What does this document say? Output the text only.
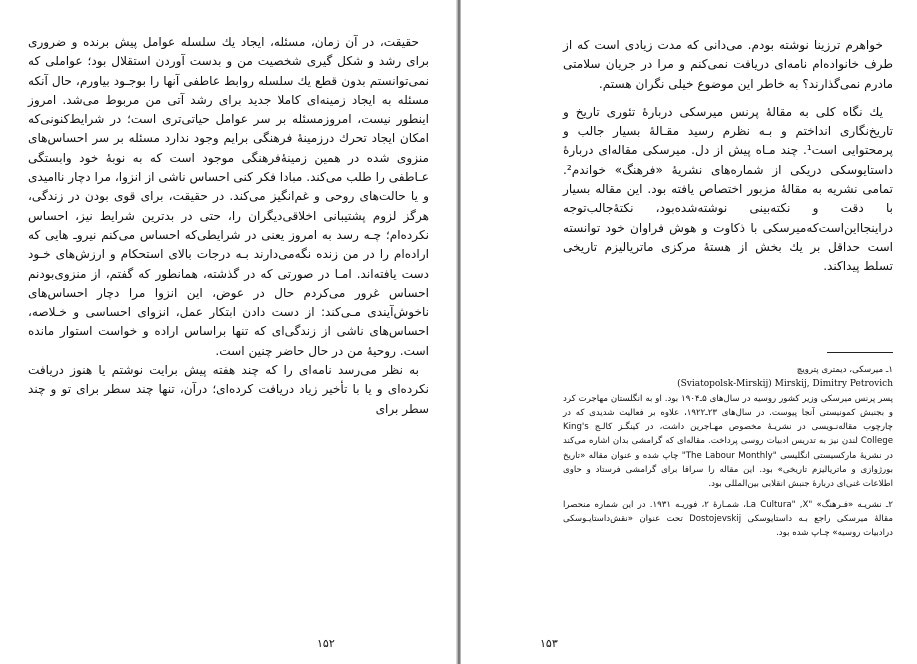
حقیقت، در آن زمان، مسئله، ایجاد یك سلسله عوامل پیش برنده و ضروری برای رشد و شکل گیری شخصیت من و بدست آوردن استقلال بود؛ عواملی که نمی‌توانستم بدون قطع یك سلسله روابط عاطفی آنها را بوجـود بیاورم، حال آنکه مسئله به ایجاد زمینه‌ای کاملا جدید برای رشد آتی من مربوط می‌شد. امروز اینطور نیست، امروزمسئله بر سر عوامل حیاتی‌تری است؛ در شرایط‌کنونی‌که امکان ایجاد تحرك درزمینهٔ فرهنگی برایم وجود ندارد مسئله بر سر احساس‌های منزوی شده در همین زمینهٔ‌فرهنگی موجود است که به نوبهٔ خود وابستگی عـاطفی را طلب می‌کند. مبادا فکر کنی احساس ناشی از انزوا، مرا دچار ناامیدی و یا حالت‌های روحی و غم‌انگیز می‌کند. در حقیقت، برای قوی بودن در زندگی، هرگز لزوم پشتیبانی اخلاقی‌دیگران را، حتی در بدترین شرایط نیز، احساس نکرده‌ام؛ چـه رسد به امروز یعنی در شرایطی‌که احساس می‌کنم نیروـ هایی که اراده‌ام را در من زنده نگه‌می‌دارند بـه درجات بالای استحکام و ارزش‌های خـود دست یافته‌اند. امـا در صورتی که در گذشته، همانطور که گفتم، از منزوی‌بودنم احساس غرور می‌کردم حال در عوض، این انزوا مرا دچار احساس‌های ناخوش‌آیندی مـی‌کند: از دست دادن ابتکار عمل، انزوای احساسی و خـلاصه، احساس‌های ناشی از زندگی‌ای که تنها براساس اراده و خواست استوار مانده است. روحیهٔ من در حال حاضر چنین است.

به نظر می‌رسد نامه‌ای را که چند هفته پیش برایت نوشتم یا هنوز دریافت نکرده‌ای و یا با تأخیر زیاد دریافت کرده‌ای؛ در‌آن، تنها چند سطر برای تو و چند سطر برای

۱۵۲

خواهرم ترزینا نوشته بودم. می‌دانی که مدت زیادی است که از طرف خانواده‌ام نامه‌ای دریافت نمی‌کنم و مرا در جریان سلامتی مادرم نمی‌گذارند؟ به خاطر این موضوع خیلی نگران هستم.

یك نگاه کلی به مقالهٔ پرنس میرسکی دربارهٔ تئوری تاریخ و تاریخ‌نگاری انداختم و بـه نظرم رسید مقـالهٔ بسیار جالب و پرمحتوایی است¹. چند مـاه پیش از دل. میرسکی مقاله‌ای دربارهٔ داستایوسکی دریکی از شماره‌های نشریهٔ «فرهنگ» خواندم². تمامی نشریه به مقالهٔ مزبور اختصاص یافته بود. این مقاله بسیار با دقت و نکته‌بینی نوشته‌شده‌بود، نکتهٔ‌جالب‌توجه دراینجااین‌است‌که‌میرسکی با ذکاوت و هوش فراوان خود توانسته است حداقل بر یك بخش از هستهٔ مرکزی ماتریالیزم تاریخی تسلط پیداکند.

۱ـ میرسکی، دیمتری پترویچ

(Sviatopolsk-Mirskij) Mirskij, Dimitry Petrovich

پسر پرنس میرسکی وزیر کشور روسیه در سال‌های ۵ـ۱۹۰۴ بود. او به انگلستان مهاجرت کرد و بجنبش کمونیستی آنجا پیوست. در سال‌های ۲۳ـ۱۹۲۲، علاوه بر فعالیت شدیدی که در چارچوب مقاله‌نـویسی در نشریـهٔ مخصوص مهـاجرین داشت، در کینگـز کالـج King's College لندن نیز به تدریس ادبیات روسی پرداخت. مقاله‌ای که گرامشی بدان اشاره می‌کند در نشریهٔ مارکسیستی انگلیسی "The Labour Monthly" چاپ شده و عنوان مقاله «تاریخ بورژوازی و ماتریالیزم تاریخی» بود. این مقاله را سرافا برای گرامشی فرستاد و حاوی اطلاعات غنی‌ای دربارهٔ جنبش انقلابی بین‌المللی بود.

۲ـ نشریـه «فـرهنگ» "La Cultura" ,X، شمـارهٔ ۲، فوریـه ۱۹۳۱. در این شماره منحصرا مقالهٔ میرسکی راجع بـه داستایوسکی Dostojevskij تحت عنوان «نقش‌داستایـوسکی درادبیات روسیه» چـاپ شده بود.

۱۵۳
